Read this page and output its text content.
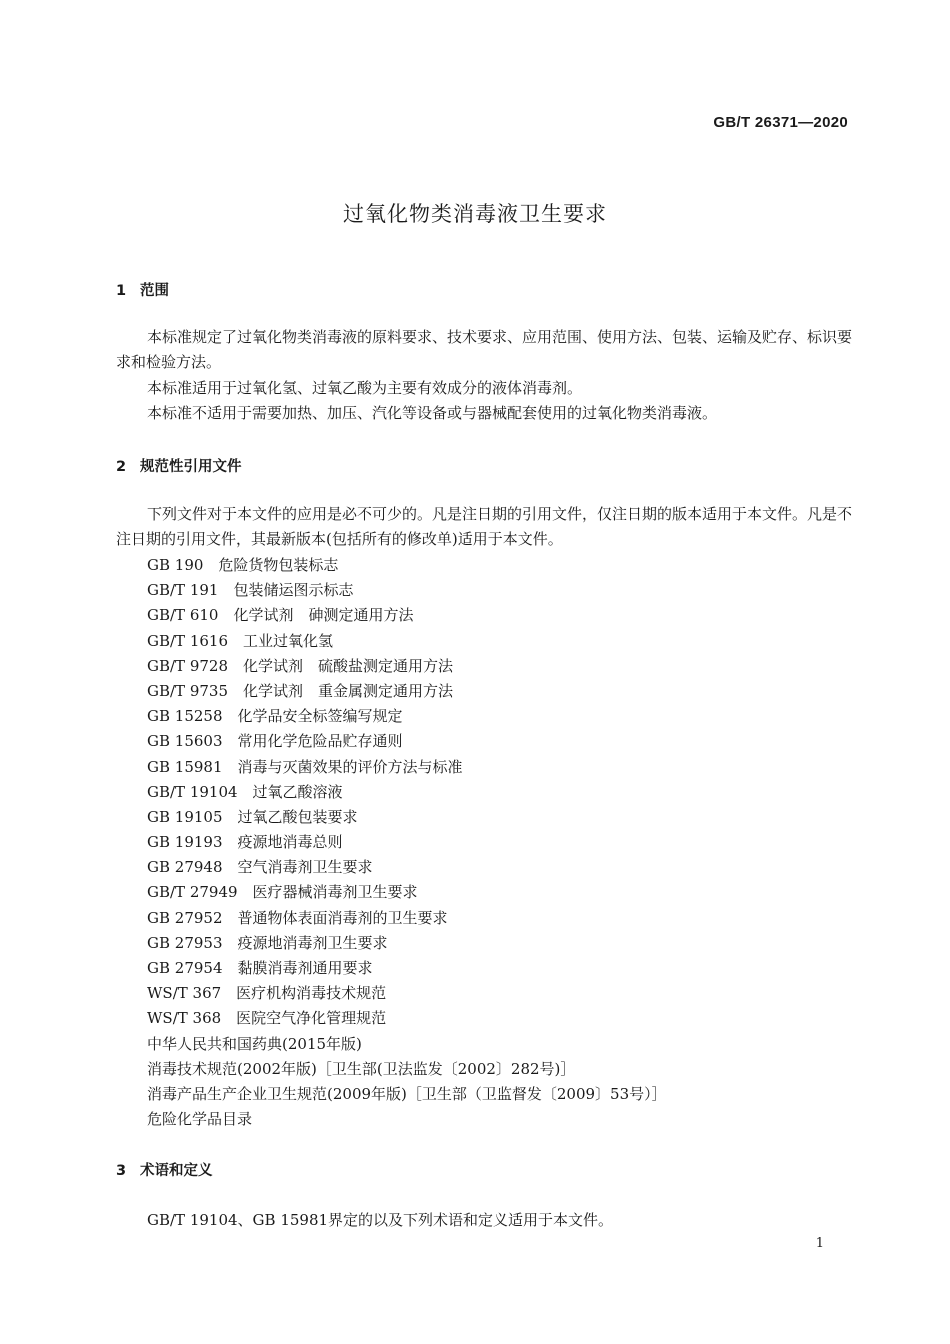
GB/T 26371—2020
过氧化物类消毒液卫生要求
1 范围

本标准规定了过氧化物类消毒液的原料要求、技术要求、应用范围、使用方法、包装、运输及贮存、标识要求和检验方法。

本标准适用于过氧化氢、过氧乙酸为主要有效成分的液体消毒剂。

本标准不适用于需要加热、加压、汽化等设备或与器械配套使用的过氧化物类消毒液。

2 规范性引用文件

下列文件对于本文件的应用是必不可少的。凡是注日期的引用文件，仅注日期的版本适用于本文件。凡是不注日期的引用文件，其最新版本(包括所有的修改单)适用于本文件。

GB 190　危险货物包装标志
GB/T 191　包装储运图示标志
GB/T 610　化学试剂　砷测定通用方法
GB/T 1616　工业过氧化氢
GB/T 9728　化学试剂　硫酸盐测定通用方法
GB/T 9735　化学试剂　重金属测定通用方法
GB 15258　化学品安全标签编写规定
GB 15603　常用化学危险品贮存通则
GB 15981　消毒与灭菌效果的评价方法与标准
GB/T 19104　过氧乙酸溶液
GB 19105　过氧乙酸包装要求
GB 19193　疫源地消毒总则
GB 27948　空气消毒剂卫生要求
GB/T 27949　医疗器械消毒剂卫生要求
GB 27952　普通物体表面消毒剂的卫生要求
GB 27953　疫源地消毒剂卫生要求
GB 27954　黏膜消毒剂通用要求
WS/T 367　医疗机构消毒技术规范
WS/T 368　医院空气净化管理规范
中华人民共和国药典(2015年版)
消毒技术规范(2002年版)［卫生部(卫法监发〔2002〕282号)］
消毒产品生产企业卫生规范(2009年版)［卫生部（卫监督发〔2009〕53号）］
危险化学品目录
3 术语和定义

GB/T 19104、GB 15981界定的以及下列术语和定义适用于本文件。

1
